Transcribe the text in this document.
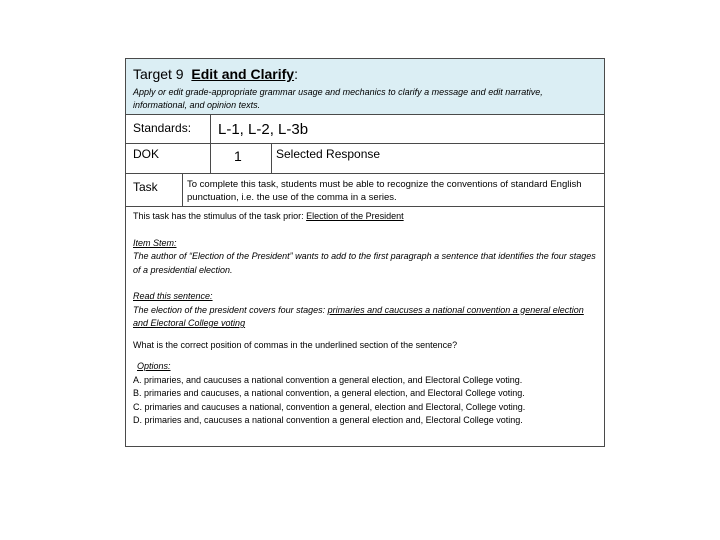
Target 9 Edit and Clarify:
Apply or edit grade-appropriate grammar usage and mechanics to clarify a message and edit narrative, informational, and opinion texts.
Standards: L-1, L-2, L-3b
DOK	1	Selected Response
Task	To complete this task, students must be able to recognize the conventions of standard English punctuation, i.e. the use of the comma in a series.

This task has the stimulus of the task prior: Election of the President

Item Stem:

The author of “Election of the President” wants to add to the first paragraph a sentence that identifies the four stages of a presidential election.

Read this sentence:

The election of the president covers four stages: primaries and caucuses a national convention a general election and Electoral College voting

What is the correct position of commas in the underlined section of the sentence?

Options:

A. primaries, and caucuses a national convention a general election, and Electoral College voting.

B. primaries and caucuses, a national convention, a general election, and Electoral College voting.

C. primaries and caucuses a national, convention a general, election and Electoral, College voting.

D. primaries and, caucuses a national convention a general election and, Electoral College voting.
